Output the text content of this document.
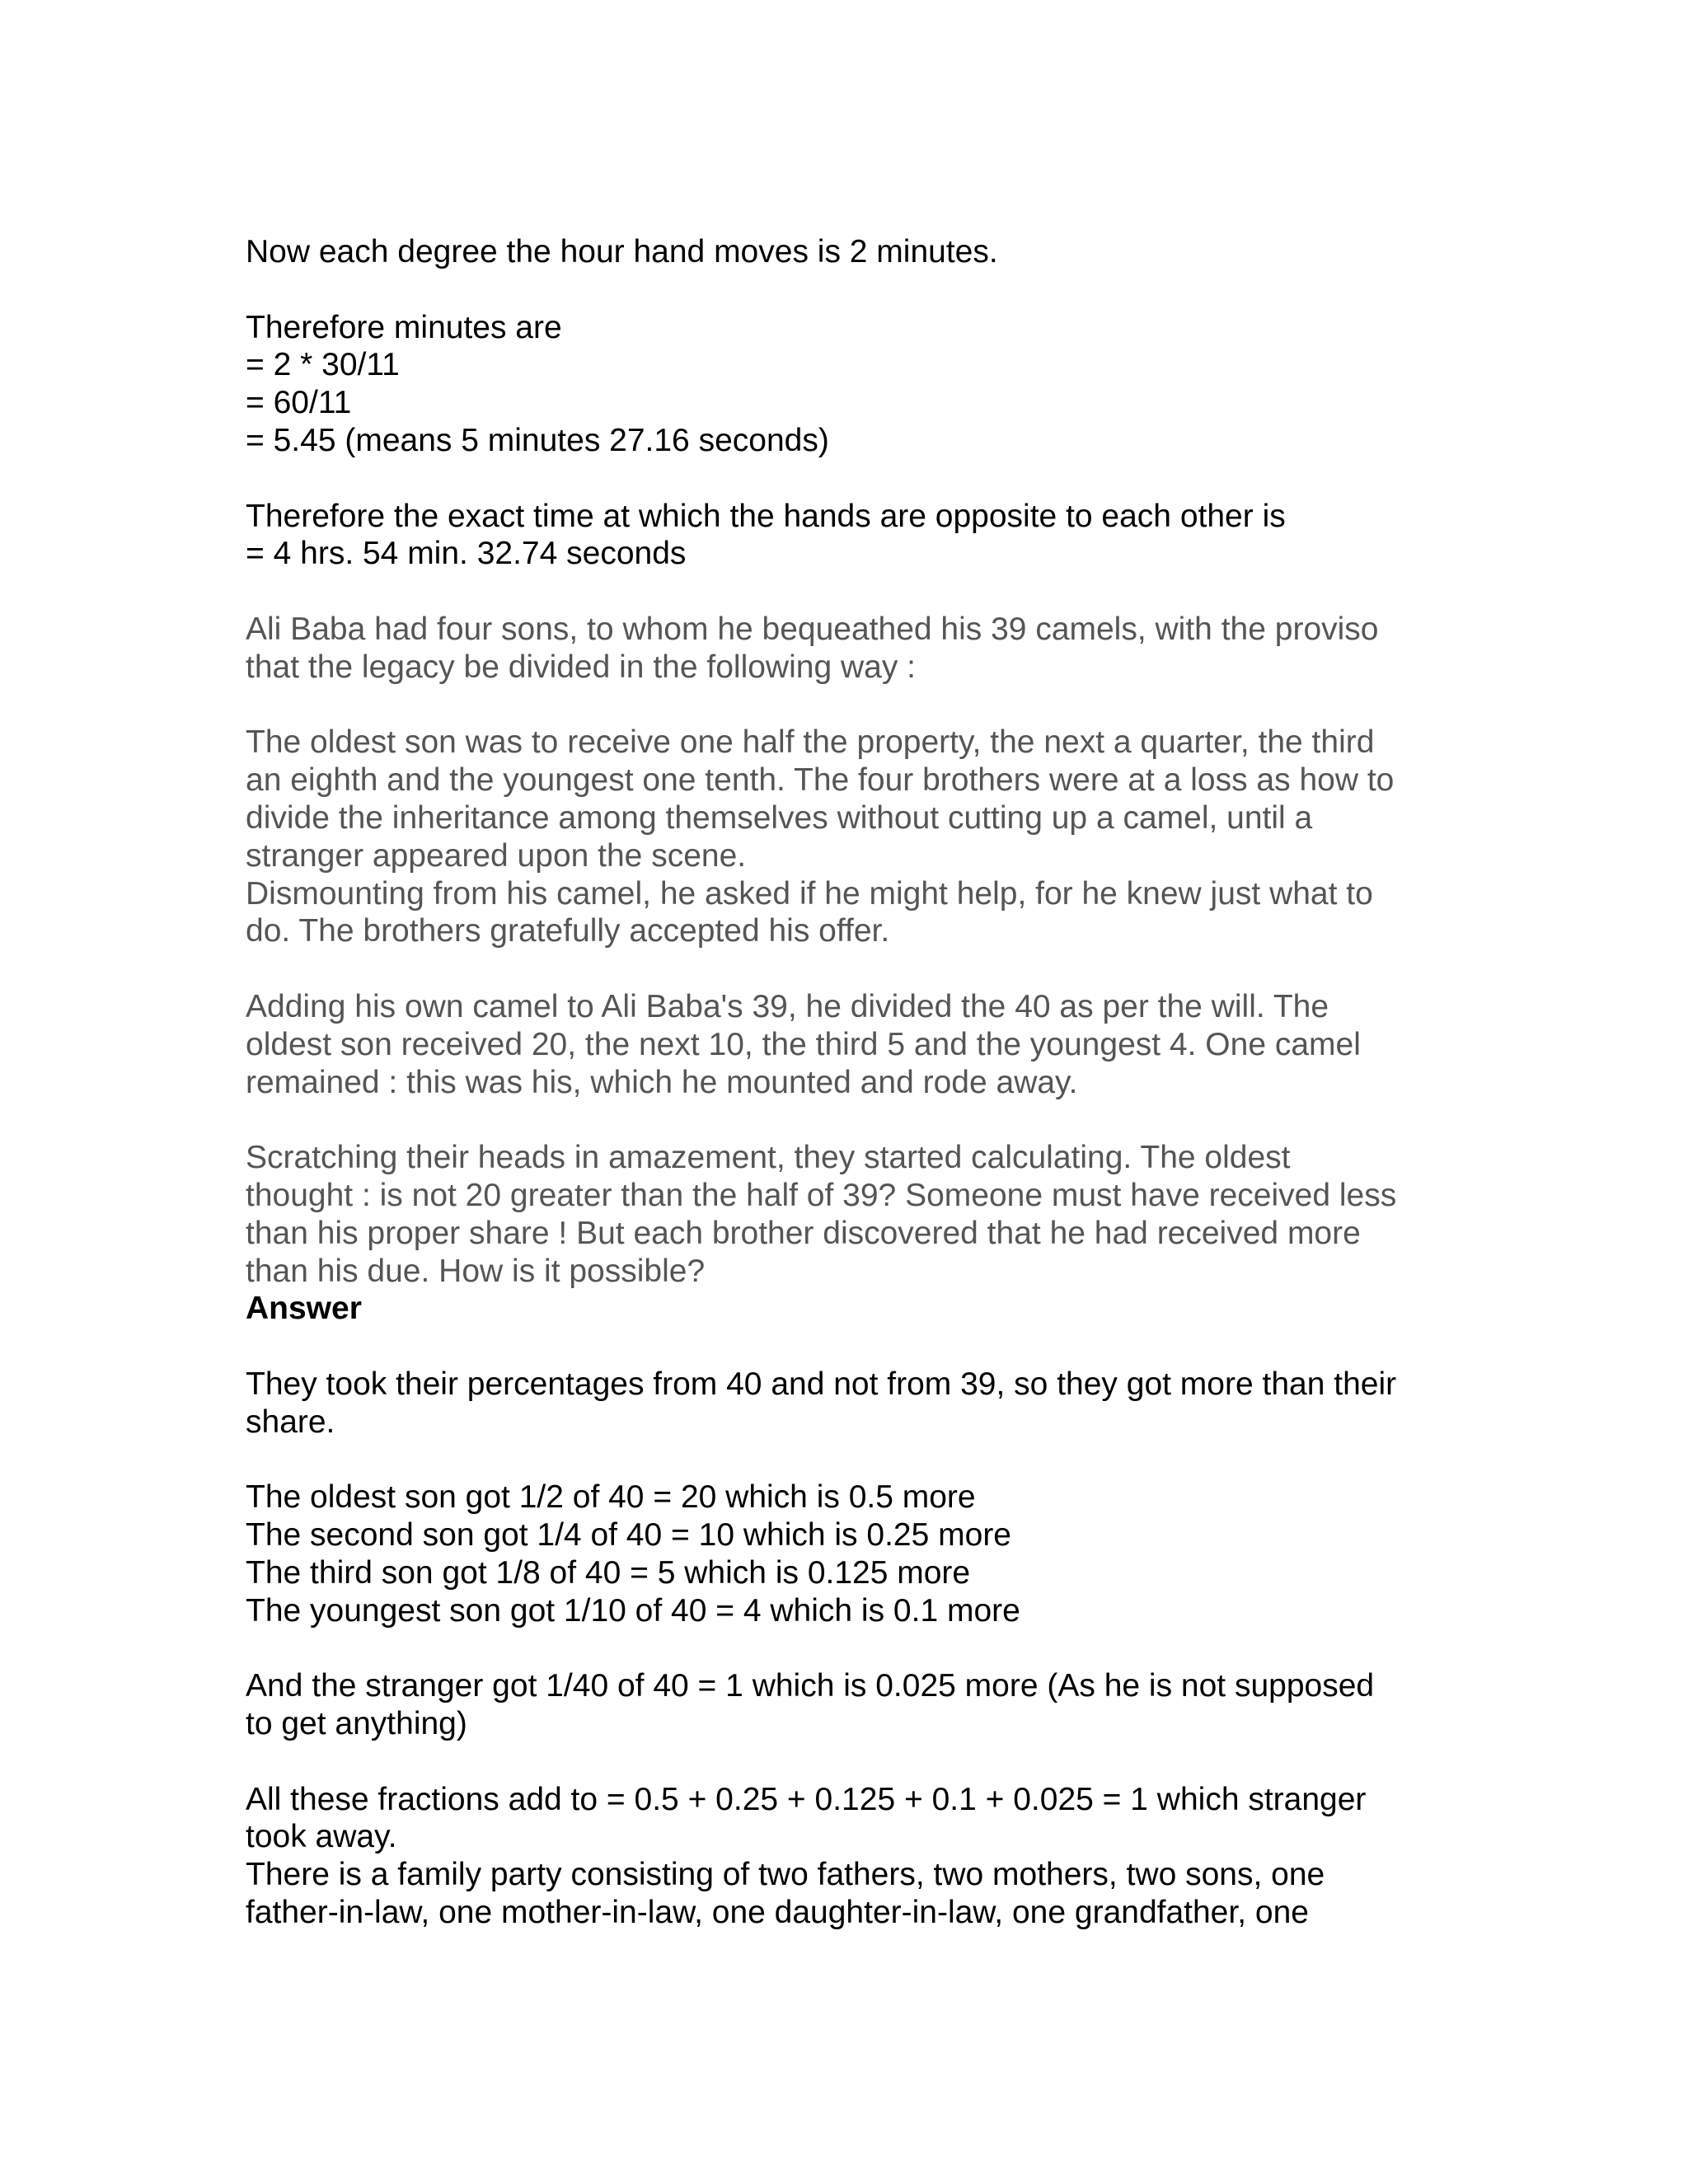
Now each degree the hour hand moves is 2 minutes.
Therefore minutes are
= 2 * 30/11
= 60/11
= 5.45 (means 5 minutes 27.16 seconds)
Therefore the exact time at which the hands are opposite to each other is
= 4 hrs. 54 min. 32.74 seconds
Ali Baba had four sons, to whom he bequeathed his 39 camels, with the proviso
that the legacy be divided in the following way :
The oldest son was to receive one half the property, the next a quarter, the third
an eighth and the youngest one tenth. The four brothers were at a loss as how to
divide the inheritance among themselves without cutting up a camel, until a
stranger appeared upon the scene.
Dismounting from his camel, he asked if he might help, for he knew just what to
do. The brothers gratefully accepted his offer.
Adding his own camel to Ali Baba's 39, he divided the 40 as per the will. The
oldest son received 20, the next 10, the third 5 and the youngest 4. One camel
remained : this was his, which he mounted and rode away.
Scratching their heads in amazement, they started calculating. The oldest
thought : is not 20 greater than the half of 39? Someone must have received less
than his proper share ! But each brother discovered that he had received more
than his due. How is it possible?
Answer
They took their percentages from 40 and not from 39, so they got more than their
share.
The oldest son got 1/2 of 40 = 20 which is 0.5 more
The second son got 1/4 of 40 = 10 which is 0.25 more
The third son got 1/8 of 40 = 5 which is 0.125 more
The youngest son got 1/10 of 40 = 4 which is 0.1 more
And the stranger got 1/40 of 40 = 1 which is 0.025 more (As he is not supposed
to get anything)
All these fractions add to = 0.5 + 0.25 + 0.125 + 0.1 + 0.025 = 1 which stranger
took away.
There is a family party consisting of two fathers, two mothers, two sons, one
father-in-law, one mother-in-law, one daughter-in-law, one grandfather, one
